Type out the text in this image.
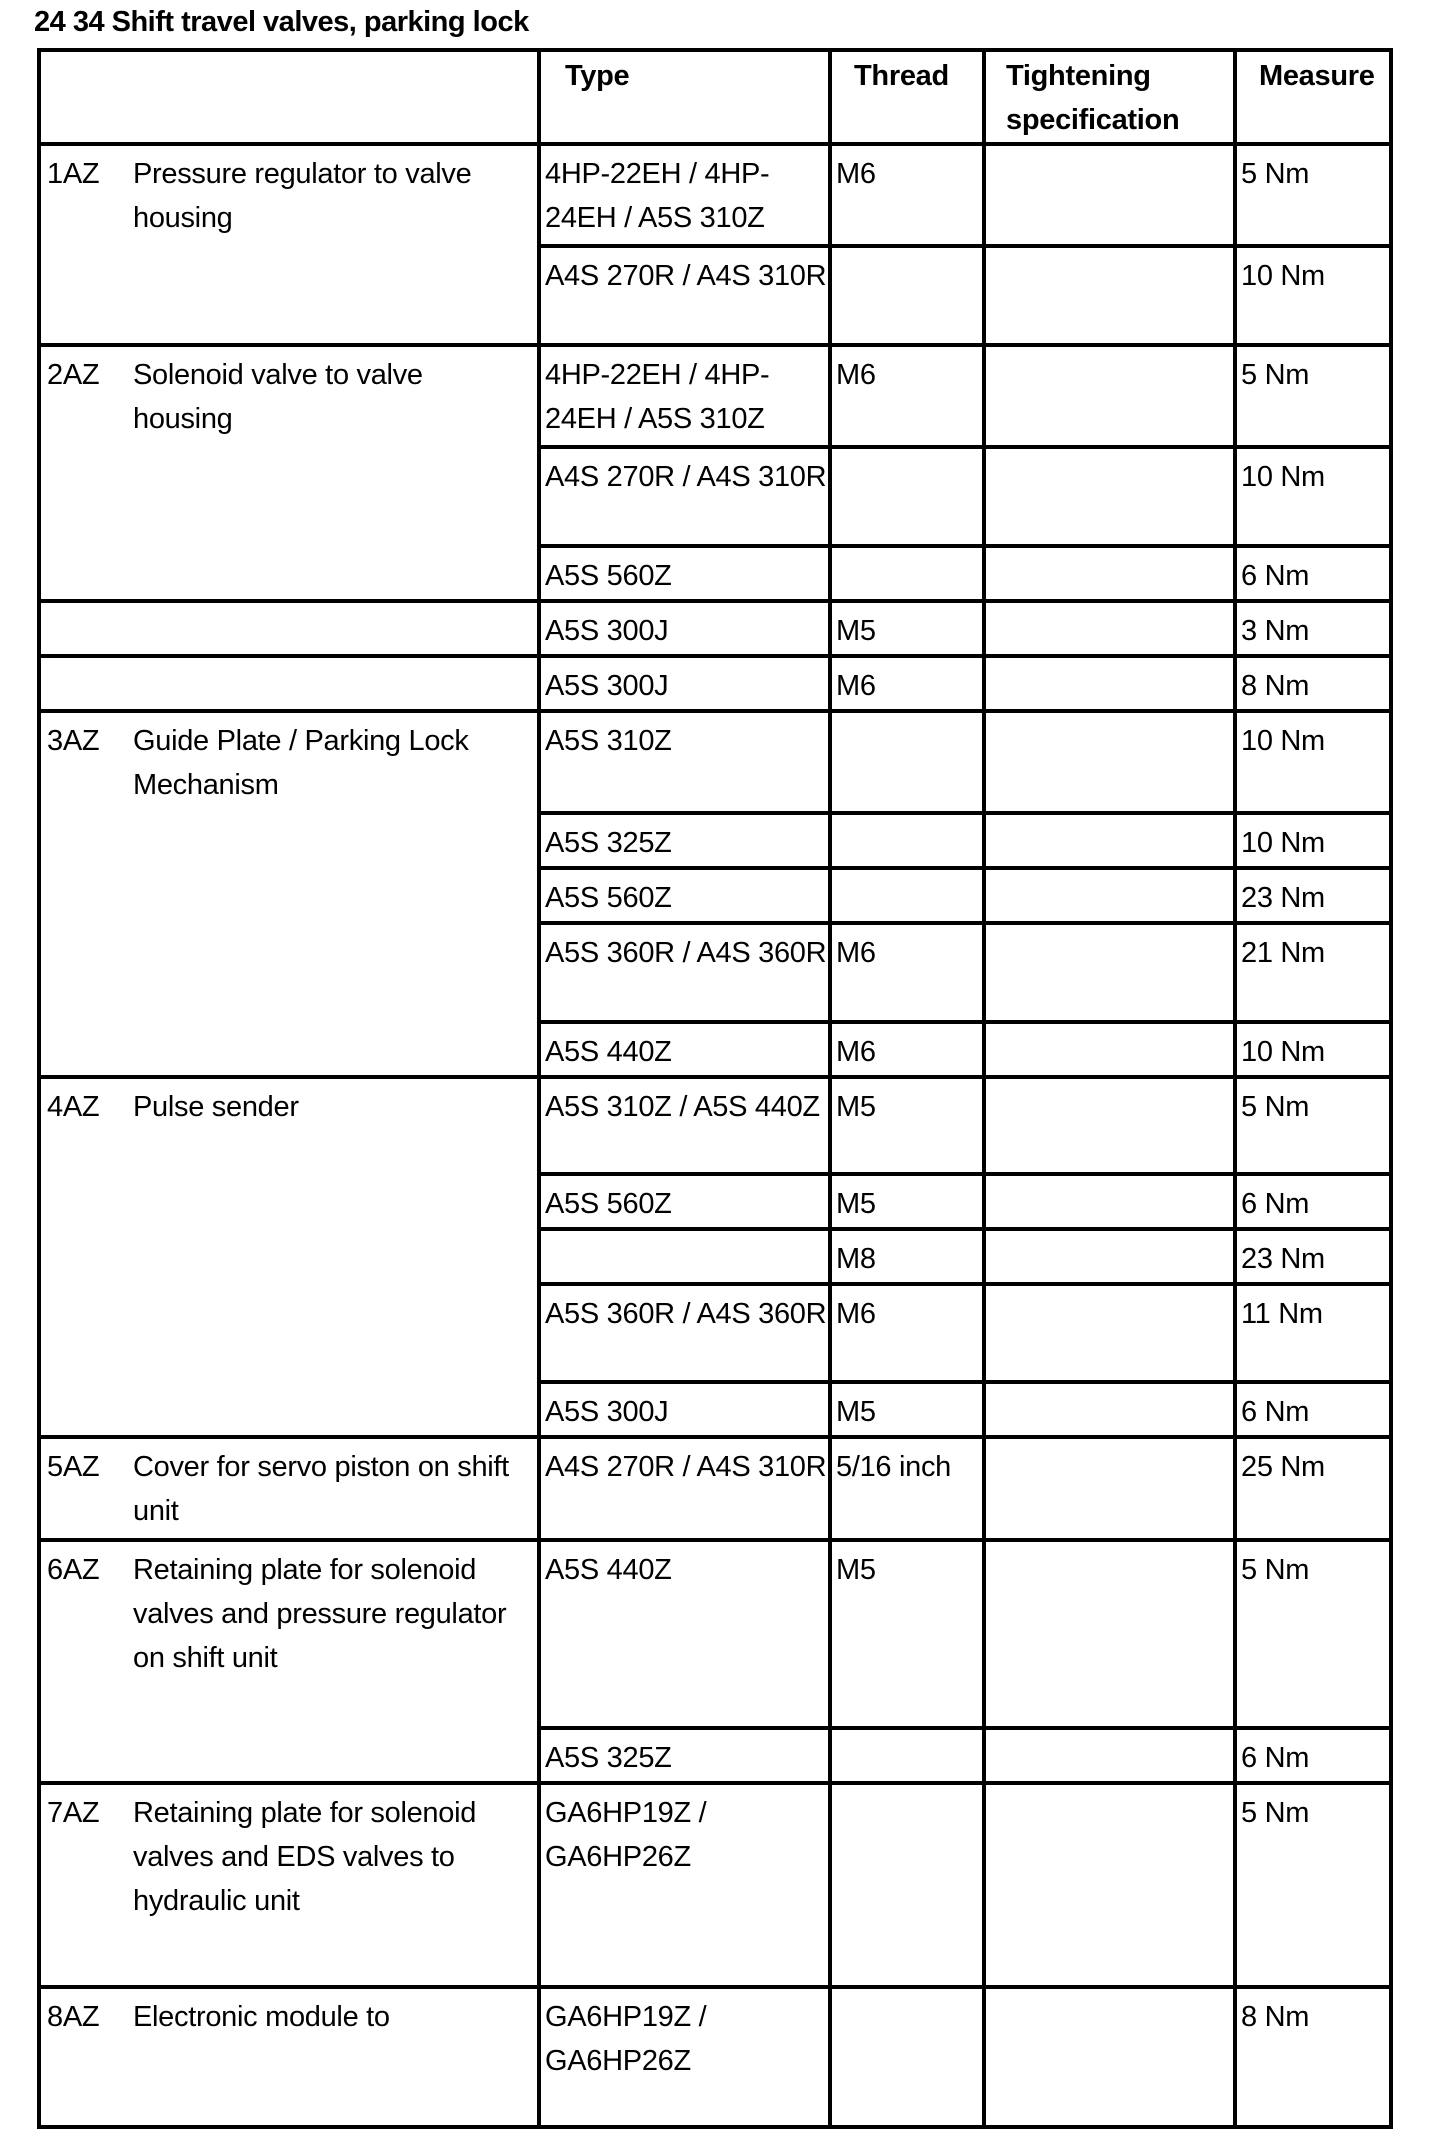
24 34 Shift travel valves, parking lock
	Type	Thread	Tightening specification	Measure

1AZ Pressure regulator to valve housing	4HP-22EH / 4HP-24EH / A5S 310Z	M6		5 Nm
	A4S 270R / A4S 310R			10 Nm

2AZ Solenoid valve to valve housing	4HP-22EH / 4HP-24EH / A5S 310Z	M6		5 Nm
	A4S 270R / A4S 310R			10 Nm
	A5S 560Z			6 Nm

	A5S 300J	M5		3 Nm

	A5S 300J	M6		8 Nm

3AZ Guide Plate / Parking Lock Mechanism	A5S 310Z			10 Nm
	A5S 325Z			10 Nm
	A5S 560Z			23 Nm
	A5S 360R / A4S 360R	M6		21 Nm
	A5S 440Z	M6		10 Nm

4AZ Pulse sender	A5S 310Z / A5S 440Z	M5		5 Nm
	A5S 560Z	M5		6 Nm
		M8		23 Nm
	A5S 360R / A4S 360R	M6		11 Nm
	A5S 300J	M5		6 Nm

5AZ Cover for servo piston on shift unit	A4S 270R / A4S 310R	5/16 inch		25 Nm

6AZ Retaining plate for solenoid valves and pressure regulator on shift unit	A5S 440Z	M5		5 Nm
	A5S 325Z			6 Nm

7AZ Retaining plate for solenoid valves and EDS valves to hydraulic unit	GA6HP19Z / GA6HP26Z			5 Nm

8AZ Electronic module to	GA6HP19Z / GA6HP26Z			8 Nm
